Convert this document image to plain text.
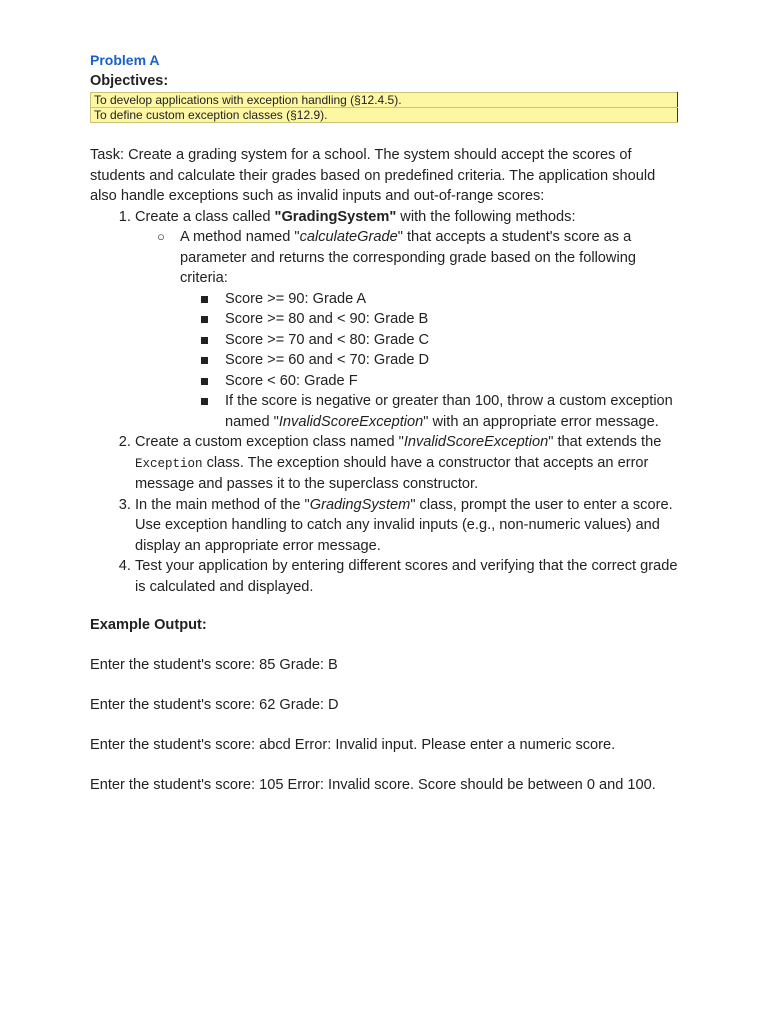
Problem A
Objectives:
To develop applications with exception handling (§12.4.5).
To define custom exception classes (§12.9).

Task: Create a grading system for a school. The system should accept the scores of students and calculate their grades based on predefined criteria. The application should also handle exceptions such as invalid inputs and out-of-range scores:

1. Create a class called "GradingSystem" with the following methods:
○ A method named "calculateGrade" that accepts a student's score as a parameter and returns the corresponding grade based on the following criteria:
Score >= 90: Grade A
Score >= 80 and < 90: Grade B
Score >= 70 and < 80: Grade C
Score >= 60 and < 70: Grade D
Score < 60: Grade F
If the score is negative or greater than 100, throw a custom exception named "InvalidScoreException" with an appropriate error message.
2. Create a custom exception class named "InvalidScoreException" that extends the Exception class. The exception should have a constructor that accepts an error message and passes it to the superclass constructor.
3. In the main method of the "GradingSystem" class, prompt the user to enter a score. Use exception handling to catch any invalid inputs (e.g., non-numeric values) and display an appropriate error message.
4. Test your application by entering different scores and verifying that the correct grade is calculated and displayed.
Example Output:
Enter the student's score: 85 Grade: B
Enter the student's score: 62 Grade: D
Enter the student's score: abcd Error: Invalid input. Please enter a numeric score.
Enter the student's score: 105 Error: Invalid score. Score should be between 0 and 100.
